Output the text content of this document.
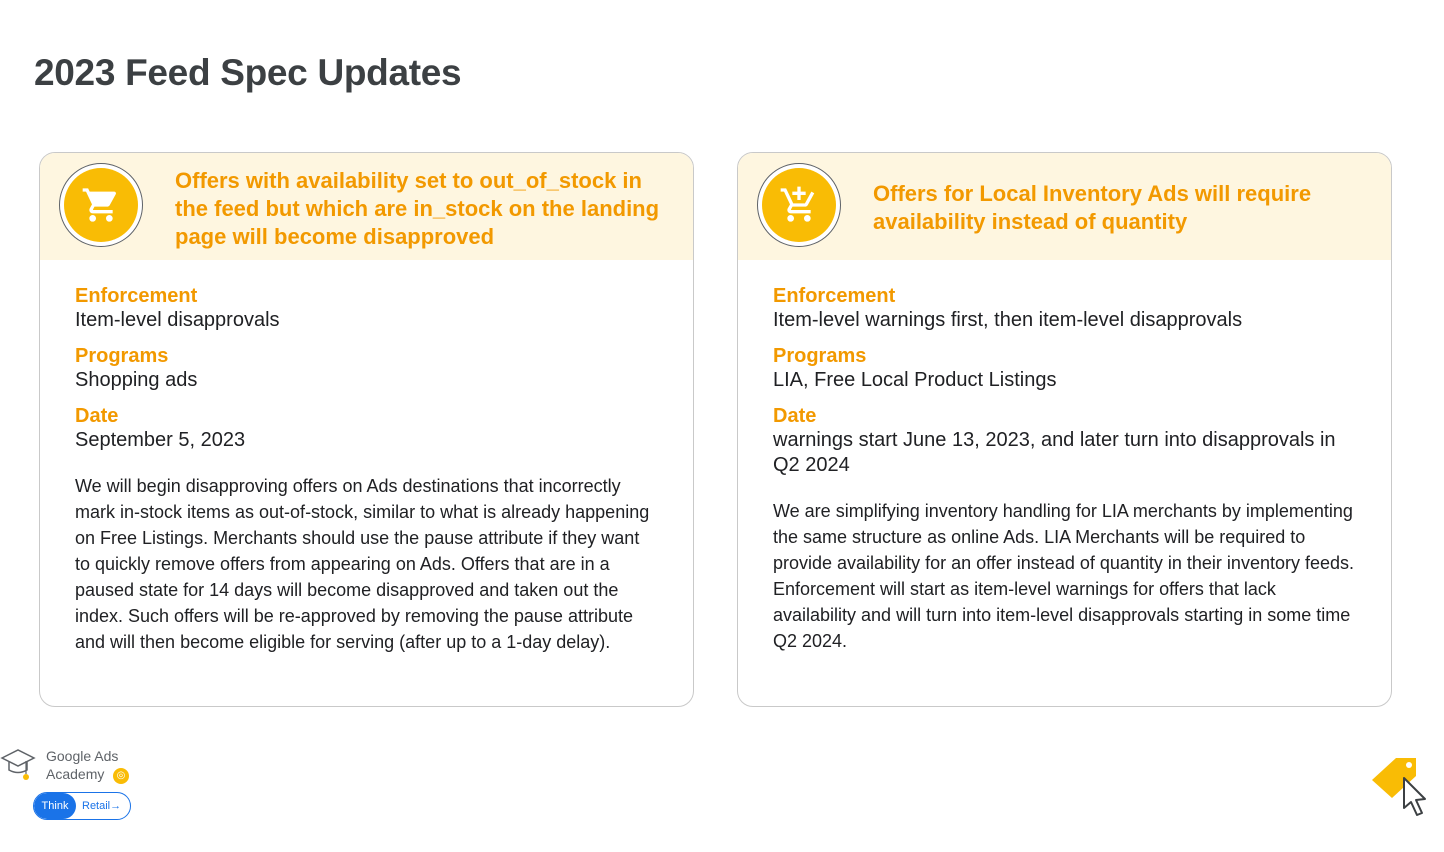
2023 Feed Spec Updates
Offers with availability set to out_of_stock in the feed but which are in_stock on the landing page will become disapproved
Enforcement
Item-level disapprovals
Programs
Shopping ads
Date
September 5, 2023
We will begin disapproving offers on Ads destinations that incorrectly mark in-stock items as out-of-stock, similar to what is already happening on Free Listings. Merchants should use the pause attribute if they want to quickly remove offers from appearing on Ads. Offers that are in a paused state for 14 days will become disapproved and taken out the index. Such offers will be re-approved by removing the pause attribute and will then become eligible for serving (after up to a 1-day delay).
Offers for Local Inventory Ads will require availability instead of quantity
Enforcement
Item-level warnings first, then item-level disapprovals
Programs
LIA, Free Local Product Listings
Date
warnings start June 13, 2023, and later turn into disapprovals in Q2 2024
We are simplifying inventory handling for LIA merchants by implementing the same structure as online Ads. LIA Merchants will be required to provide availability for an offer instead of quantity in their inventory feeds. Enforcement will start as item-level warnings for offers that lack availability and will turn into item-level disapprovals starting in some time Q2 2024.
Google Ads
Academy	◎
Think	Retail→
